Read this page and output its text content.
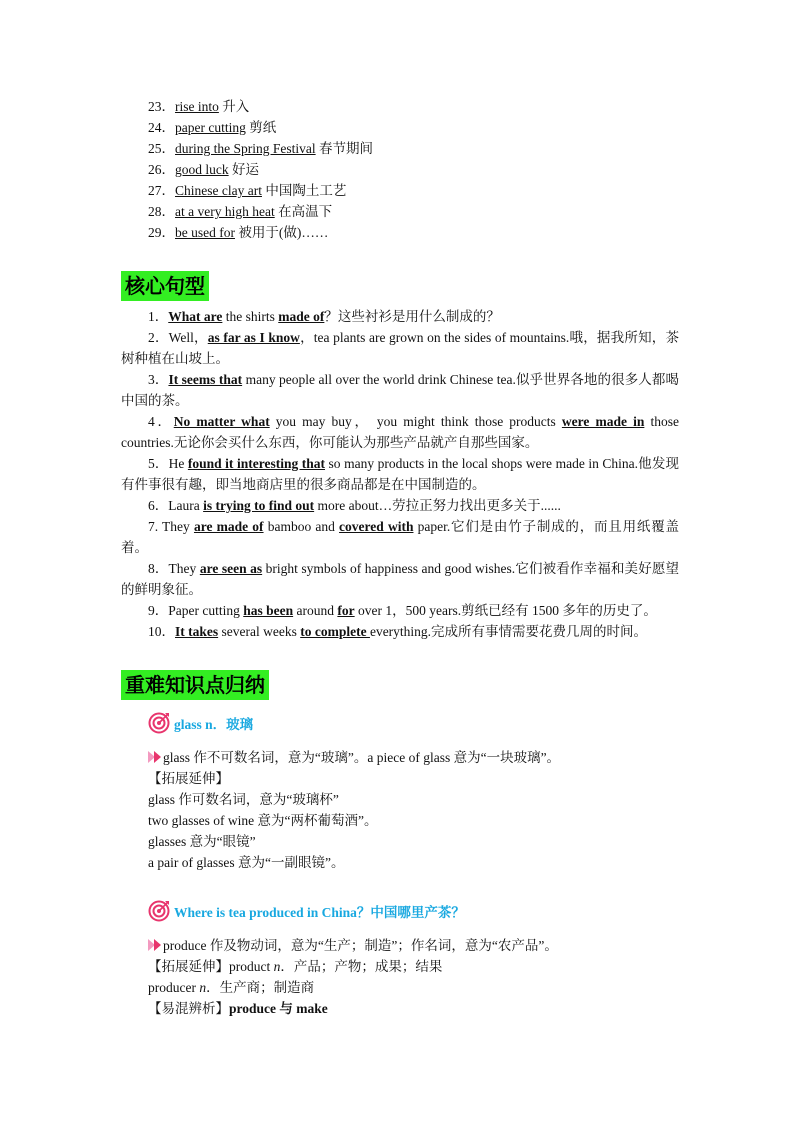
23．rise into 升入
24．paper cutting 剪纸
25．during the Spring Festival 春节期间
26．good luck 好运
27．Chinese clay art 中国陶土工艺
28．at a very high heat 在高温下
29．be used for 被用于(做)……
核心句型

1．What are the shirts made of？这些衬衫是用什么制成的？

2．Well，as far as I know，tea plants are grown on the sides of mountains.哦，据我所知，茶树种植在山坡上。

3．It seems that many people all over the world drink Chinese tea.似乎世界各地的很多人都喝中国的茶。

4．No matter what you may buy， you might think those products were made in those countries.无论你会买什么东西，你可能认为那些产品就产自那些国家。

5．He found it interesting that so many products in the local shops were made in China.他发现有件事很有趣，即当地商店里的很多商品都是在中国制造的。

6．Laura is trying to find out more about…劳拉正努力找出更多关于......

7. They are made of bamboo and covered with paper.它们是由竹子制成的，而且用纸覆盖着。

8．They are seen as bright symbols of happiness and good wishes.它们被看作幸福和美好愿望的鲜明象征。

9．Paper cutting has been around for over 1，500 years.剪纸已经有 1500 多年的历史了。

10．It takes several weeks to complete everything.完成所有事情需要花费几周的时间。

重难知识点归纳
glass n．玻璃
glass 作不可数名词，意为“玻璃”。a piece of glass 意为“一块玻璃”。
【拓展延伸】
glass 作可数名词，意为“玻璃杯”
two glasses of wine 意为“两杯葡萄酒”。
glasses 意为“眼镜”
a pair of glasses 意为“一副眼镜”。
Where is tea produced in China？中国哪里产茶？
produce 作及物动词，意为“生产；制造”；作名词，意为“农产品”。
【拓展延伸】product n．产品；产物；成果；结果
producer n．生产商；制造商
【易混辨析】produce 与 make
